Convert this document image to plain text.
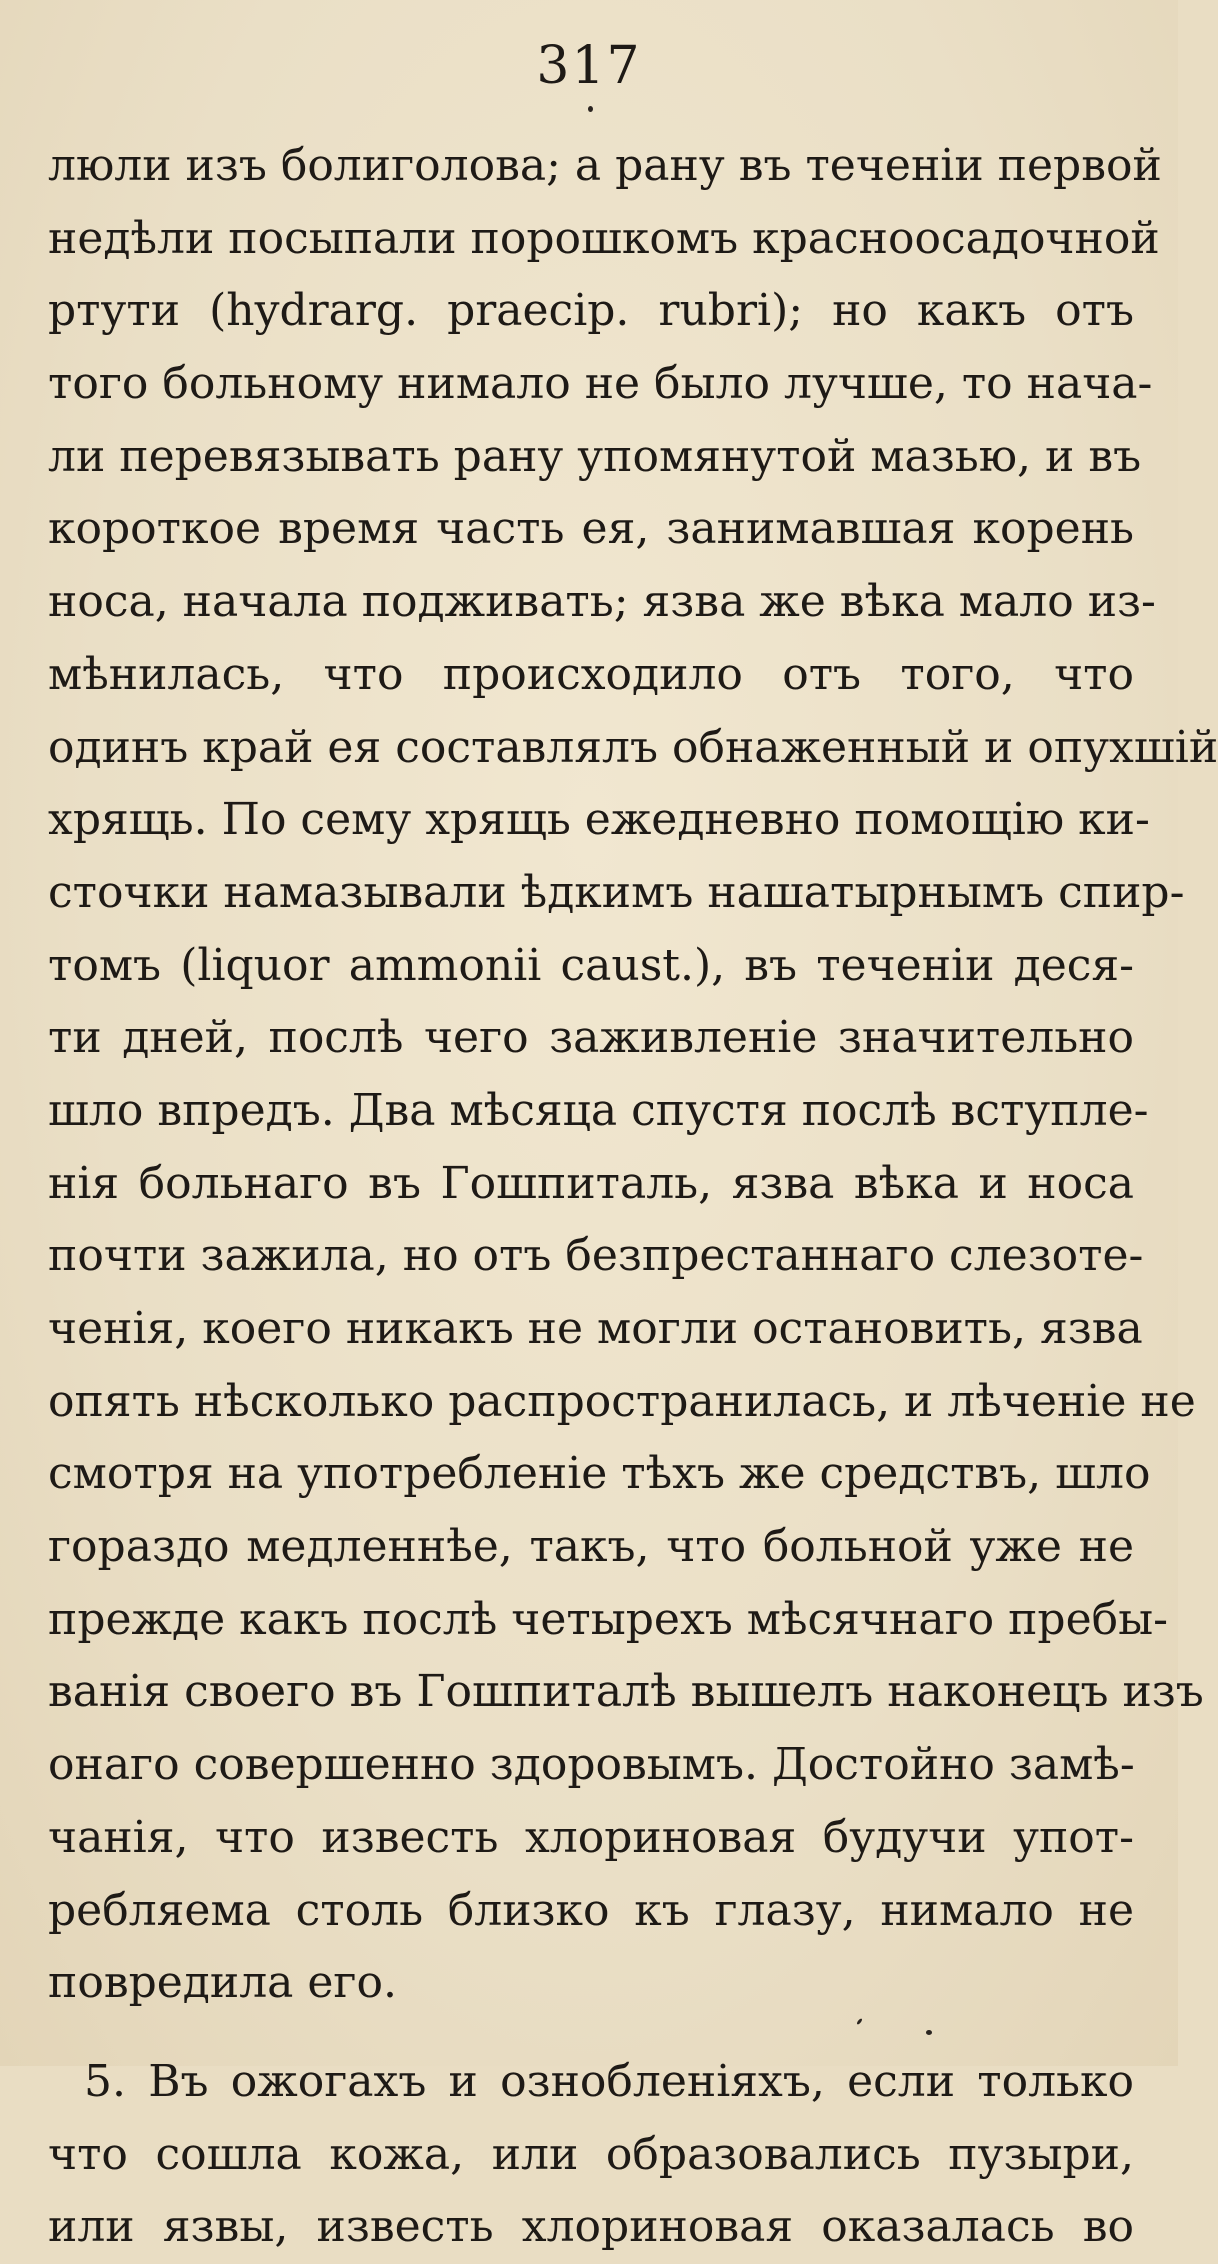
317
люли изъ болиголова; а рану въ теченіи первой
недѣли посыпали порошкомъ красноосадочной
ртути (hydrarg. praecip. rubri); но какъ отъ
того больному нимало не было лучше, то нача-
ли перевязывать рану упомянутой мазью, и въ
короткое время часть ея, занимавшая корень
носа, начала подживать; язва же вѣка мало из-
мѣнилась, что происходило отъ того, что
одинъ край ея составлялъ обнаженный и опухшій
хрящь. По сему хрящь ежедневно помощію ки-
сточки намазывали ѣдкимъ нашатырнымъ спир-
томъ (liquor ammonii caust.), въ теченіи деся-
ти дней, послѣ чего заживленіе значительно
шло впредъ. Два мѣсяца спустя послѣ вступле-
нія больнаго въ Гошпиталь, язва вѣка и носа
почти зажила, но отъ безпрестаннаго слезоте-
ченія, коего никакъ не могли остановить, язва
опять нѣсколько распространилась, и лѣченіе не
смотря на употребленіе тѣхъ же средствъ, шло
гораздо медленнѣе, такъ, что больной уже не
прежде какъ послѣ четырехъ мѣсячнаго пребы-
ванія своего въ Гошпиталѣ вышелъ наконецъ изъ
онаго совершенно здоровымъ. Достойно замѣ-
чанія, что известь хлориновая будучи упот-
ребляема столь близко къ глазу, нимало не
повредила его.
5. Въ ожогахъ и озноблeніяхъ, если только
что сошла кожа, или образовались пузыри,
или язвы, известь хлориновая оказалась во
